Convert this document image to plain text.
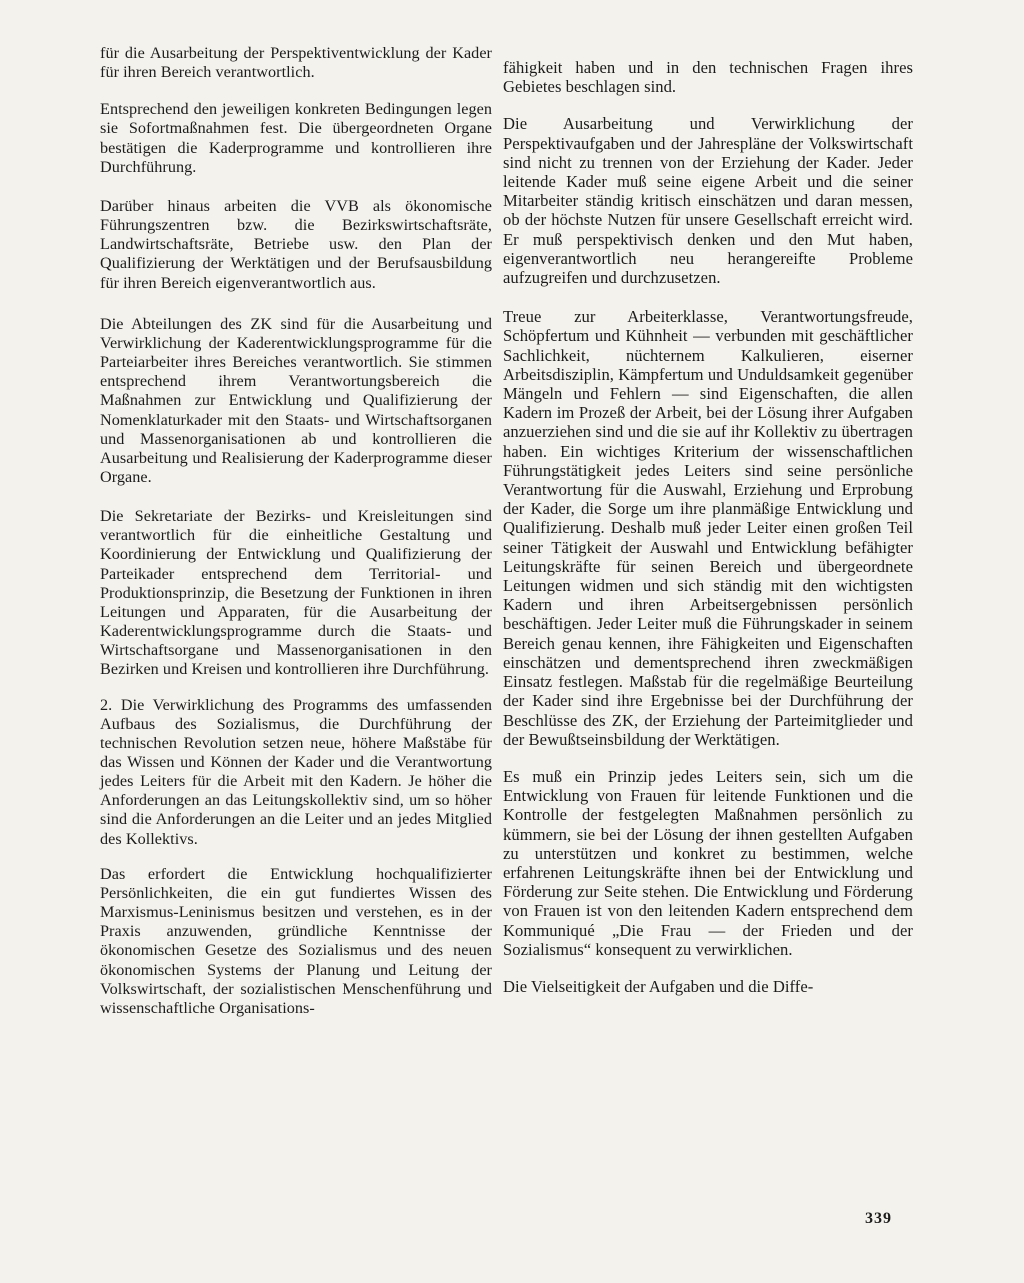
für die Ausarbeitung der Perspektiventwicklung der Kader für ihren Bereich verantwortlich.

Entsprechend den jeweiligen konkreten Bedingungen legen sie Sofortmaßnahmen fest. Die übergeordneten Organe bestätigen die Kaderprogramme und kontrollieren ihre Durchführung.

Darüber hinaus arbeiten die VVB als ökonomische Führungszentren bzw. die Bezirkswirtschaftsräte, Landwirtschaftsräte, Betriebe usw. den Plan der Qualifizierung der Werktätigen und der Berufsausbildung für ihren Bereich eigenverantwortlich aus.

Die Abteilungen des ZK sind für die Ausarbeitung und Verwirklichung der Kaderentwicklungsprogramme für die Parteiarbeiter ihres Bereiches verantwortlich. Sie stimmen entsprechend ihrem Verantwortungsbereich die Maßnahmen zur Entwicklung und Qualifizierung der Nomenklaturkader mit den Staats- und Wirtschaftsorganen und Massenorganisationen ab und kontrollieren die Ausarbeitung und Realisierung der Kaderprogramme dieser Organe.

Die Sekretariate der Bezirks- und Kreisleitungen sind verantwortlich für die einheitliche Gestaltung und Koordinierung der Entwicklung und Qualifizierung der Parteikader entsprechend dem Territorial- und Produktionsprinzip, die Besetzung der Funktionen in ihren Leitungen und Apparaten, für die Ausarbeitung der Kaderentwicklungsprogramme durch die Staats- und Wirtschaftsorgane und Massenorganisationen in den Bezirken und Kreisen und kontrollieren ihre Durchführung.

2. Die Verwirklichung des Programms des umfassenden Aufbaus des Sozialismus, die Durchführung der technischen Revolution setzen neue, höhere Maßstäbe für das Wissen und Können der Kader und die Verantwortung jedes Leiters für die Arbeit mit den Kadern. Je höher die Anforderungen an das Leitungskollektiv sind, um so höher sind die Anforderungen an die Leiter und an jedes Mitglied des Kollektivs.

Das erfordert die Entwicklung hochqualifizierter Persönlichkeiten, die ein gut fundiertes Wissen des Marxismus-Leninismus besitzen und verstehen, es in der Praxis anzuwenden, gründliche Kenntnisse der ökonomischen Gesetze des Sozialismus und des neuen ökonomischen Systems der Planung und Leitung der Volkswirtschaft, der sozialistischen Menschenführung und wissenschaftliche Organisations-

fähigkeit haben und in den technischen Fragen ihres Gebietes beschlagen sind.

Die Ausarbeitung und Verwirklichung der Perspektivaufgaben und der Jahrespläne der Volkswirtschaft sind nicht zu trennen von der Erziehung der Kader. Jeder leitende Kader muß seine eigene Arbeit und die seiner Mitarbeiter ständig kritisch einschätzen und daran messen, ob der höchste Nutzen für unsere Gesellschaft erreicht wird. Er muß perspektivisch denken und den Mut haben, eigenverantwortlich neu herangereifte Probleme aufzugreifen und durchzusetzen.

Treue zur Arbeiterklasse, Verantwortungsfreude, Schöpfertum und Kühnheit — verbunden mit geschäftlicher Sachlichkeit, nüchternem Kalkulieren, eiserner Arbeitsdisziplin, Kämpfertum und Unduldsamkeit gegenüber Mängeln und Fehlern — sind Eigenschaften, die allen Kadern im Prozeß der Arbeit, bei der Lösung ihrer Aufgaben anzuerziehen sind und die sie auf ihr Kollektiv zu übertragen haben. Ein wichtiges Kriterium der wissenschaftlichen Führungstätigkeit jedes Leiters sind seine persönliche Verantwortung für die Auswahl, Erziehung und Erprobung der Kader, die Sorge um ihre planmäßige Entwicklung und Qualifizierung. Deshalb muß jeder Leiter einen großen Teil seiner Tätigkeit der Auswahl und Entwicklung befähigter Leitungskräfte für seinen Bereich und übergeordnete Leitungen widmen und sich ständig mit den wichtigsten Kadern und ihren Arbeitsergebnissen persönlich beschäftigen. Jeder Leiter muß die Führungskader in seinem Bereich genau kennen, ihre Fähigkeiten und Eigenschaften einschätzen und dementsprechend ihren zweckmäßigen Einsatz festlegen. Maßstab für die regelmäßige Beurteilung der Kader sind ihre Ergebnisse bei der Durchführung der Beschlüsse des ZK, der Erziehung der Parteimitglieder und der Bewußtseinsbildung der Werktätigen.

Es muß ein Prinzip jedes Leiters sein, sich um die Entwicklung von Frauen für leitende Funktionen und die Kontrolle der festgelegten Maßnahmen persönlich zu kümmern, sie bei der Lösung der ihnen gestellten Aufgaben zu unterstützen und konkret zu bestimmen, welche erfahrenen Leitungskräfte ihnen bei der Entwicklung und Förderung zur Seite stehen. Die Entwicklung und Förderung von Frauen ist von den leitenden Kadern entsprechend dem Kommuniqué „Die Frau — der Frieden und der Sozialismus“ konsequent zu verwirklichen.

Die Vielseitigkeit der Aufgaben und die Diffe-

339
